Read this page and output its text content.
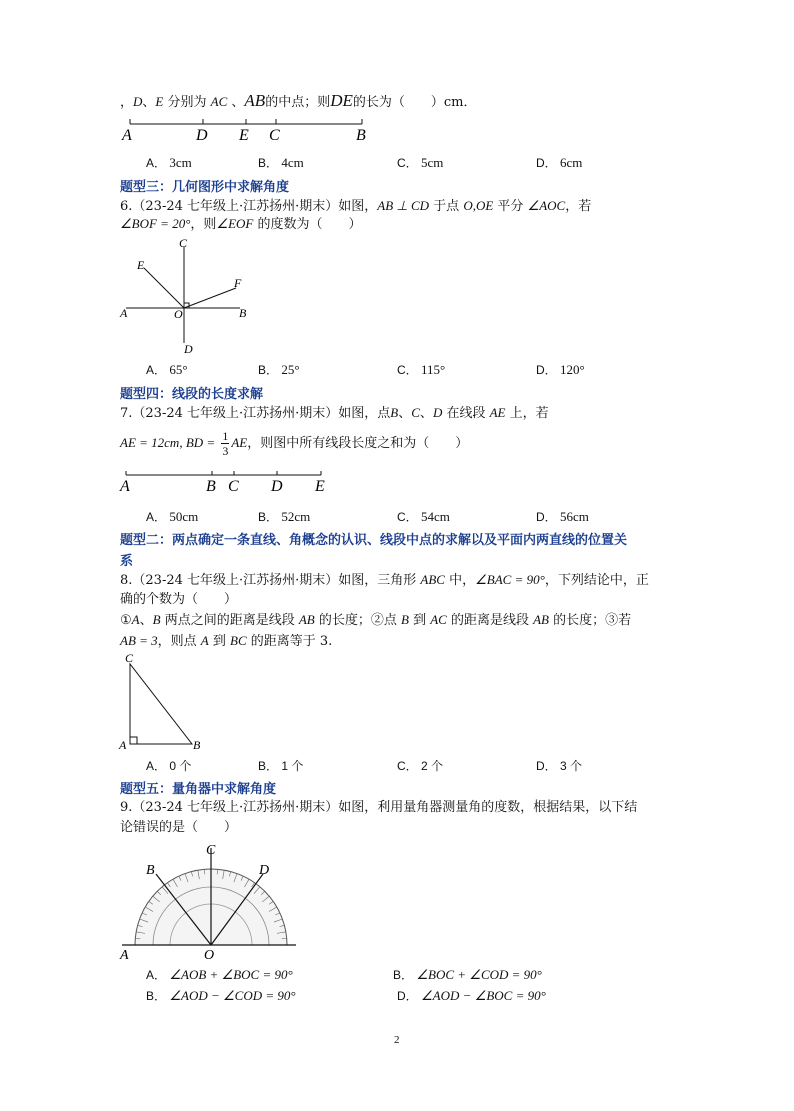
，D、E 分别为 AC 、AB的中点；则DE的长为（　　）cm．
A	D E C	B
A． 3cm	B． 4cm	C． 5cm	D． 6cm
题型三：几何图形中求解角度
6.（23-24 七年级上·江苏扬州·期末）如图，AB ⊥ CD 于点 O,OE 平分 ∠AOC，若
∠BOF = 20°，则∠EOF 的度数为（　　）
C
E
F
A	O	B
D
A． 65°	B． 25°	C． 115°	D． 120°
题型四：线段的长度求解
7.（23-24 七年级上·江苏扬州·期末）如图，点B、C、D 在线段 AE 上，若
AE = 12cm, BD = $\frac{1}{3}$ AE，则图中所有线段长度之和为（　　）
A	B C D E
A． 50cm	B． 52cm	C． 54cm	D． 56cm
题型二：两点确定一条直线、角概念的认识、线段中点的求解以及平面内两直线的位置关
系
8.（23-24 七年级上·江苏扬州·期末）如图，三角形 ABC 中，∠BAC = 90°，下列结论中，正
确的个数为（　　）
①A、B 两点之间的距离是线段 AB 的长度；②点 B 到 AC 的距离是线段 AB 的长度；③若
AB = 3，则点 A 到 BC 的距离等于 3.
C
A	B
A． 0 个	B． 1 个	C． 2 个	D． 3 个
题型五：量角器中求解角度
9.（23-24 七年级上·江苏扬州·期末）如图，利用量角器测量角的度数，根据结果，以下结
论错误的是（　　）
C
B	D
A	O
A． ∠AOB + ∠BOC = 90°	B． ∠BOC + ∠COD = 90°
B． ∠AOD − ∠COD = 90°	D． ∠AOD − ∠BOC = 90°
2
